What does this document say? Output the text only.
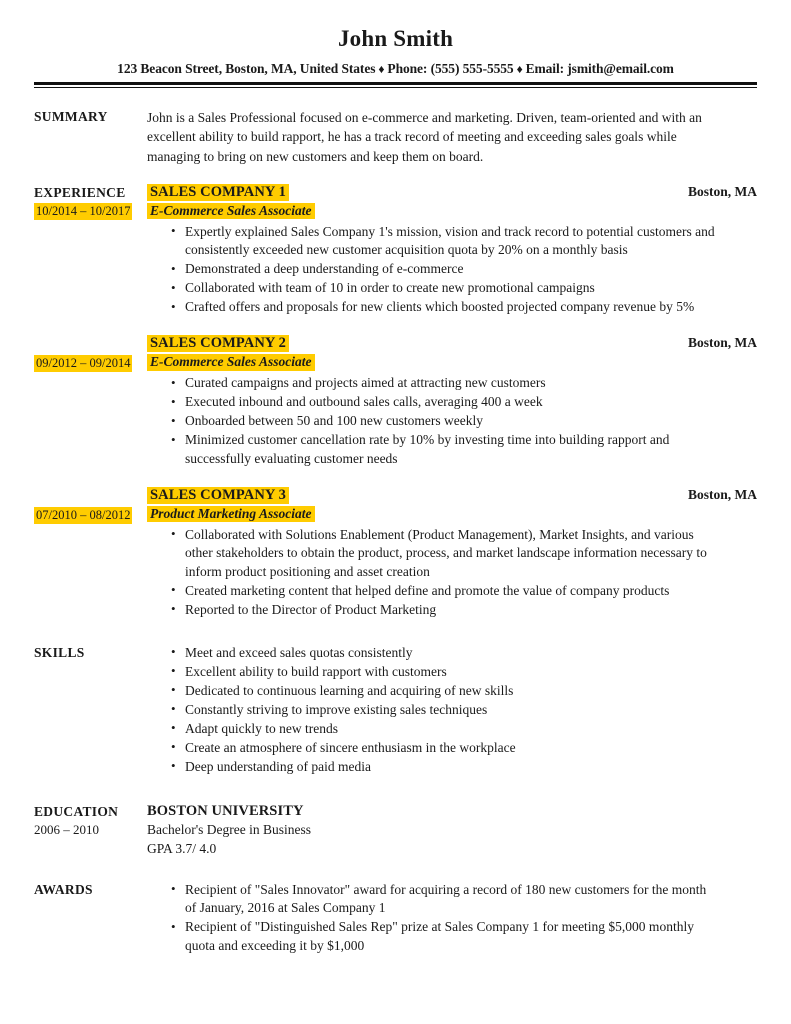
John Smith
123 Beacon Street, Boston, MA, United States ♦ Phone: (555) 555-5555 ♦ Email: jsmith@email.com
SUMMARY	John is a Sales Professional focused on e-commerce and marketing. Driven, team-oriented and with an excellent ability to build rapport, he has a track record of meeting and exceeding sales goals while managing to bring on new customers and keep them on board.
EXPERIENCE
10/2014 – 10/2017
SALES COMPANY 1	Boston, MA
E-Commerce Sales Associate
• Expertly explained Sales Company 1's mission, vision and track record to potential customers and consistently exceeded new customer acquisition quota by 20% on a monthly basis
• Demonstrated a deep understanding of e-commerce
• Collaborated with team of 10 in order to create new promotional campaigns
• Crafted offers and proposals for new clients which boosted projected company revenue by 5%
09/2012 – 09/2014
SALES COMPANY 2	Boston, MA
E-Commerce Sales Associate
• Curated campaigns and projects aimed at attracting new customers
• Executed inbound and outbound sales calls, averaging 400 a week
• Onboarded between 50 and 100 new customers weekly
• Minimized customer cancellation rate by 10% by investing time into building rapport and successfully evaluating customer needs
07/2010 – 08/2012
SALES COMPANY 3	Boston, MA
Product Marketing Associate
• Collaborated with Solutions Enablement (Product Management), Market Insights, and various other stakeholders to obtain the product, process, and market landscape information necessary to inform product positioning and asset creation
• Created marketing content that helped define and promote the value of company products
• Reported to the Director of Product Marketing
SKILLS	• Meet and exceed sales quotas consistently
• Excellent ability to build rapport with customers
• Dedicated to continuous learning and acquiring of new skills
• Constantly striving to improve existing sales techniques
• Adapt quickly to new trends
• Create an atmosphere of sincere enthusiasm in the workplace
• Deep understanding of paid media
EDUCATION
2006 – 2010
BOSTON UNIVERSITY
Bachelor's Degree in Business
GPA 3.7/ 4.0
AWARDS	• Recipient of "Sales Innovator" award for acquiring a record of 180 new customers for the month of January, 2016 at Sales Company 1
• Recipient of "Distinguished Sales Rep" prize at Sales Company 1 for meeting $5,000 monthly quota and exceeding it by $1,000
